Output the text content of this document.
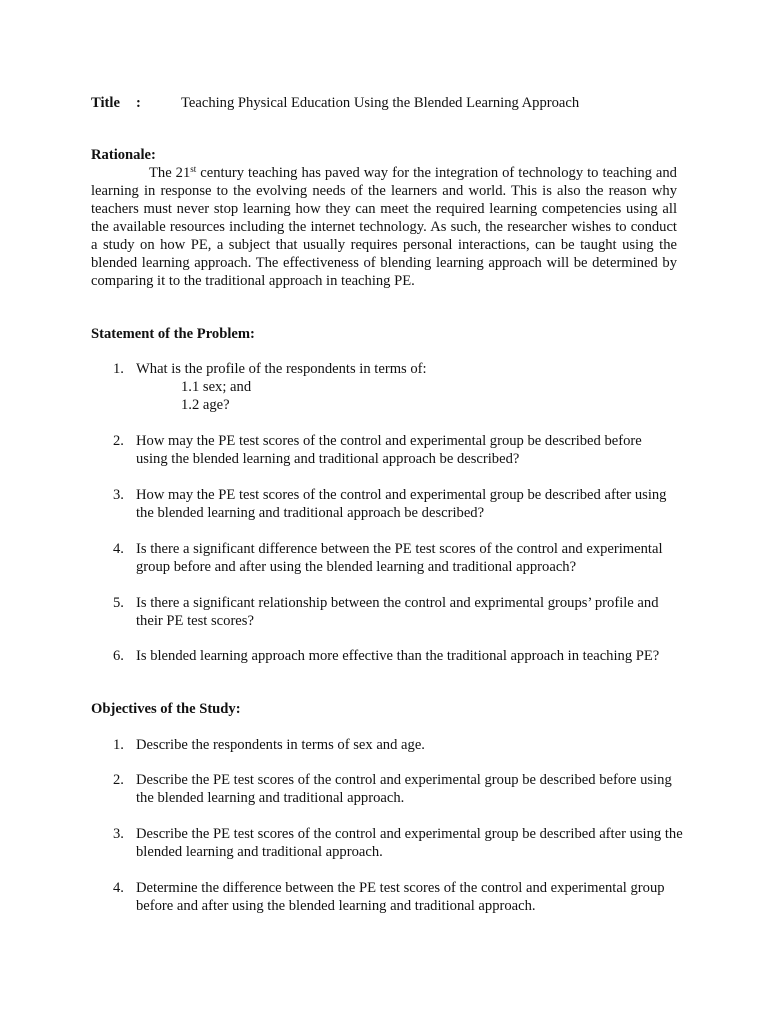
Title :	Teaching Physical Education Using the Blended Learning Approach
Rationale:

The 21st century teaching has paved way for the integration of technology to teaching and learning in response to the evolving needs of the learners and world. This is also the reason why teachers must never stop learning how they can meet the required learning competencies using all the available resources including the internet technology. As such, the researcher wishes to conduct a study on how PE, a subject that usually requires personal interactions, can be taught using the blended learning approach. The effectiveness of blending learning approach will be determined by comparing it to the traditional approach in teaching PE.

Statement of the Problem:
1. What is the profile of the respondents in terms of:
1.1 sex; and
1.2 age?
2. How may the PE test scores of the control and experimental group be described before using the blended learning and traditional approach be described?
3. How may the PE test scores of the control and experimental group be described after using the blended learning and traditional approach be described?
4. Is there a significant difference between the PE test scores of the control and experimental group before and after using the blended learning and traditional approach?
5. Is there a significant relationship between the control and exprimental groups’ profile and their PE test scores?
6. Is blended learning approach more effective than the traditional approach in teaching PE?
Objectives of the Study:
1. Describe the respondents in terms of sex and age.
2. Describe the PE test scores of the control and experimental group be described before using the blended learning and traditional approach.
3. Describe the PE test scores of the control and experimental group be described after using the blended learning and traditional approach.
4. Determine the difference between the PE test scores of the control and experimental group before and after using the blended learning and traditional approach.
